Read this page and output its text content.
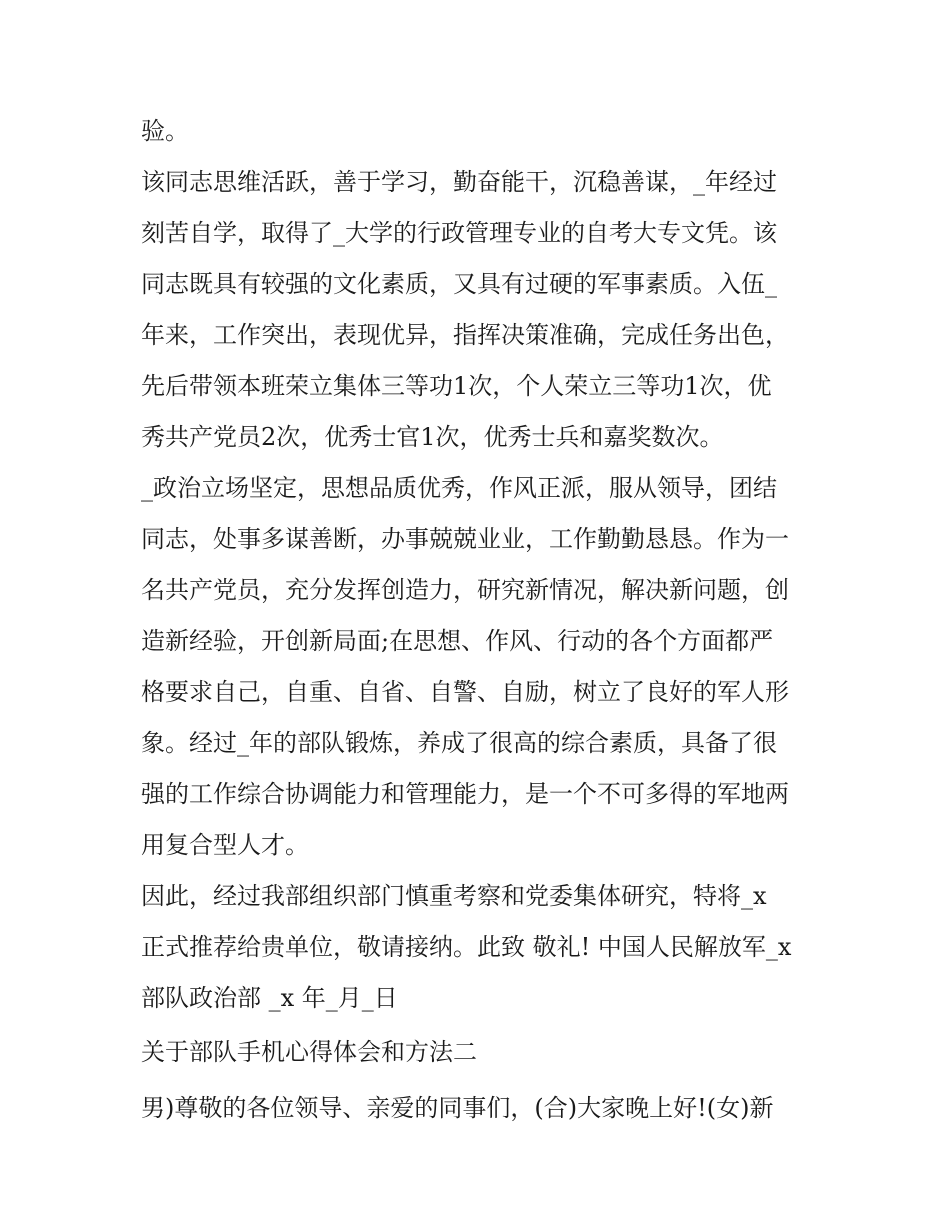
验。
该同志思维活跃，善于学习，勤奋能干，沉稳善谋，_年经过
刻苦自学，取得了_大学的行政管理专业的自考大专文凭。该
同志既具有较强的文化素质，又具有过硬的军事素质。入伍_
年来，工作突出，表现优异，指挥决策准确，完成任务出色，
先后带领本班荣立集体三等功1次，个人荣立三等功1次，优
秀共产党员2次，优秀士官1次，优秀士兵和嘉奖数次。
_政治立场坚定，思想品质优秀，作风正派，服从领导，团结
同志，处事多谋善断，办事兢兢业业，工作勤勤恳恳。作为一
名共产党员，充分发挥创造力，研究新情况，解决新问题，创
造新经验，开创新局面;在思想、作风、行动的各个方面都严
格要求自己，自重、自省、自警、自励，树立了良好的军人形
象。经过_年的部队锻炼，养成了很高的综合素质，具备了很
强的工作综合协调能力和管理能力，是一个不可多得的军地两
用复合型人才。
因此，经过我部组织部门慎重考察和党委集体研究，特将_x
正式推荐给贵单位，敬请接纳。此致 敬礼! 中国人民解放军_x
部队政治部 _x 年_月_日
关于部队手机心得体会和方法二
男)尊敬的各位领导、亲爱的同事们，(合)大家晚上好!(女)新
